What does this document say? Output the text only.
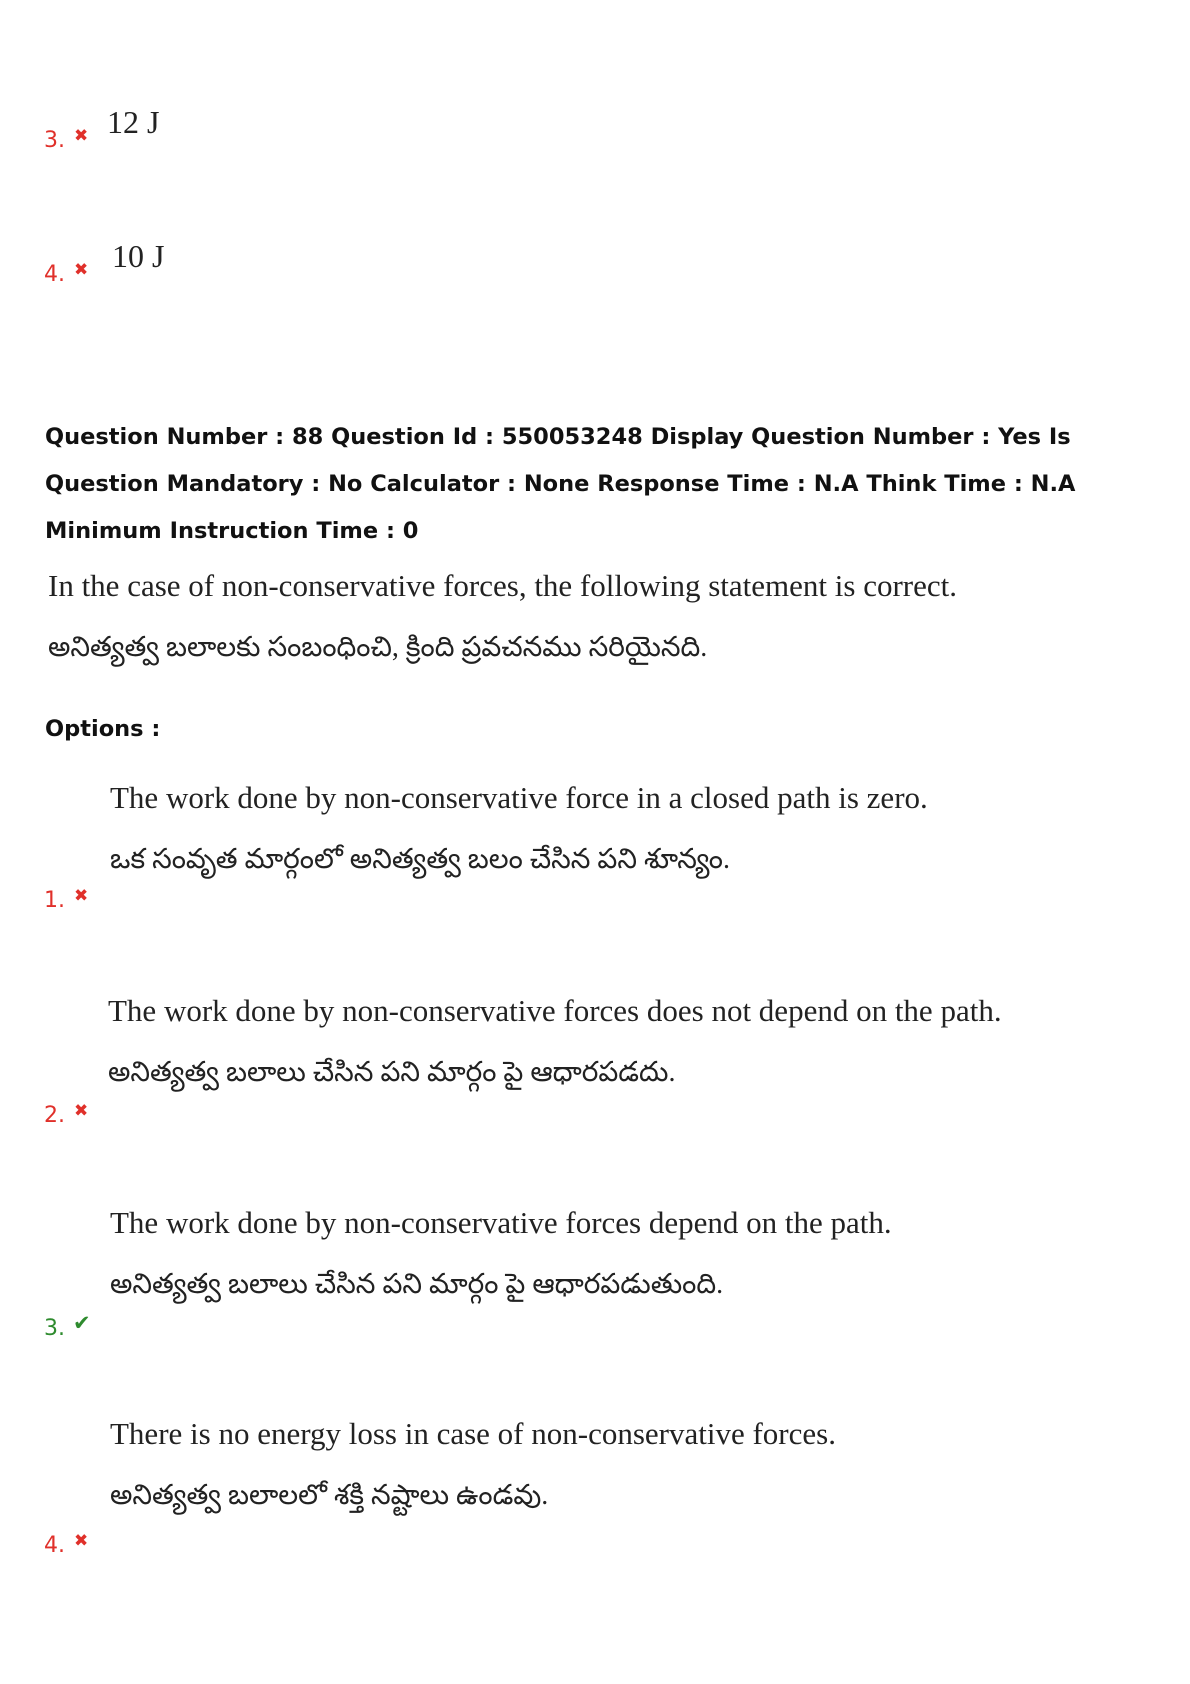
3. ✖ 12 J
4. ✖ 10 J
Question Number : 88 Question Id : 550053248 Display Question Number : Yes Is Question Mandatory : No Calculator : None Response Time : N.A Think Time : N.A Minimum Instruction Time : 0
In the case of non-conservative forces, the following statement is correct.
అనిత్యత్వ బలాలకు సంబంధించి, క్రింది ప్రవచనము సరియైనది.
Options :
The work done by non-conservative force in a closed path is zero.
ఒక సంవృత మార్గంలో అనిత్యత్వ బలం చేసిన పని శూన్యం.
1. ✖
The work done by non-conservative forces does not depend on the path.
అనిత్యత్వ బలాలు చేసిన పని మార్గం పై ఆధారపడదు.
2. ✖
The work done by non-conservative forces depend on the path.
అనిత్యత్వ బలాలు చేసిన పని మార్గం పై ఆధారపడుతుంది.
3. ✔
There is no energy loss in case of non-conservative forces.
అనిత్యత్వ బలాలలో శక్తి నష్టాలు ఉండవు.
4. ✖
